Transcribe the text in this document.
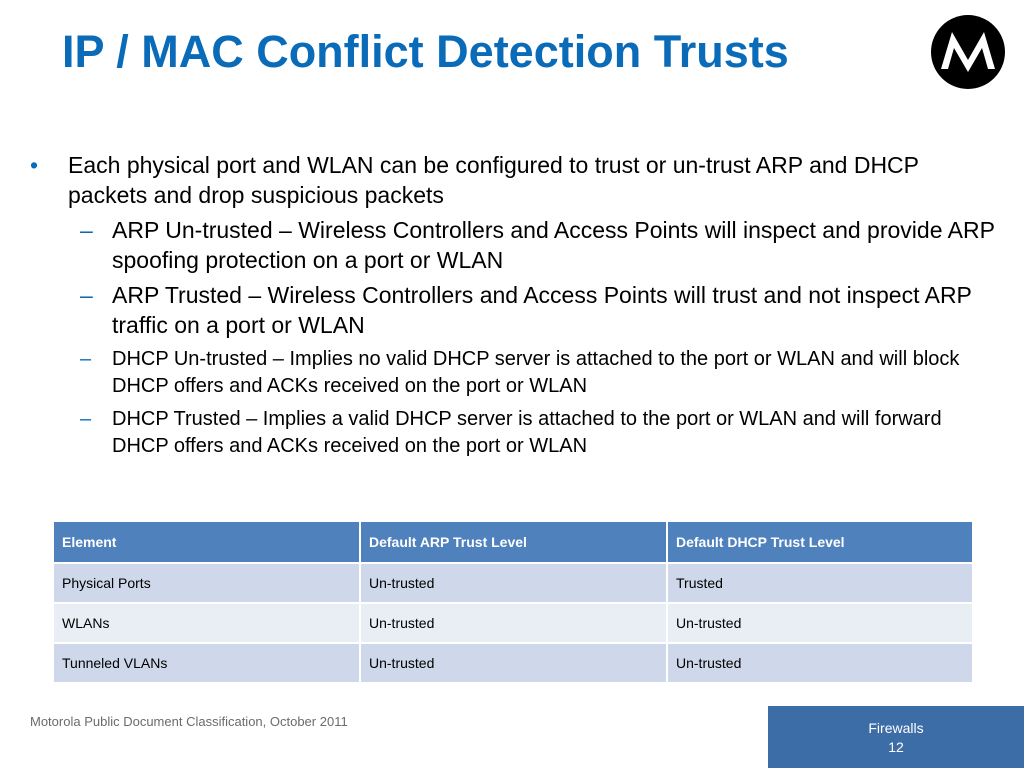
IP / MAC Conflict Detection Trusts
• Each physical port and WLAN can be configured to trust or un-trust ARP and DHCP packets and drop suspicious packets
– ARP Un-trusted – Wireless Controllers and Access Points will inspect and provide ARP spoofing protection on a port or WLAN
– ARP Trusted – Wireless Controllers and Access Points will trust and not inspect ARP traffic on a port or WLAN
– DHCP Un-trusted – Implies no valid DHCP server is attached to the port or WLAN and will block DHCP offers and ACKs received on the port or WLAN
– DHCP Trusted – Implies a valid DHCP server is attached to the port or WLAN and will forward DHCP offers and ACKs received on the port or WLAN
Element	Default ARP Trust Level	Default DHCP Trust Level
Physical Ports	Un-trusted	Trusted
WLANs	Un-trusted	Un-trusted
Tunneled VLANs	Un-trusted	Un-trusted
Motorola Public Document Classification, October 2011	Firewalls
12
